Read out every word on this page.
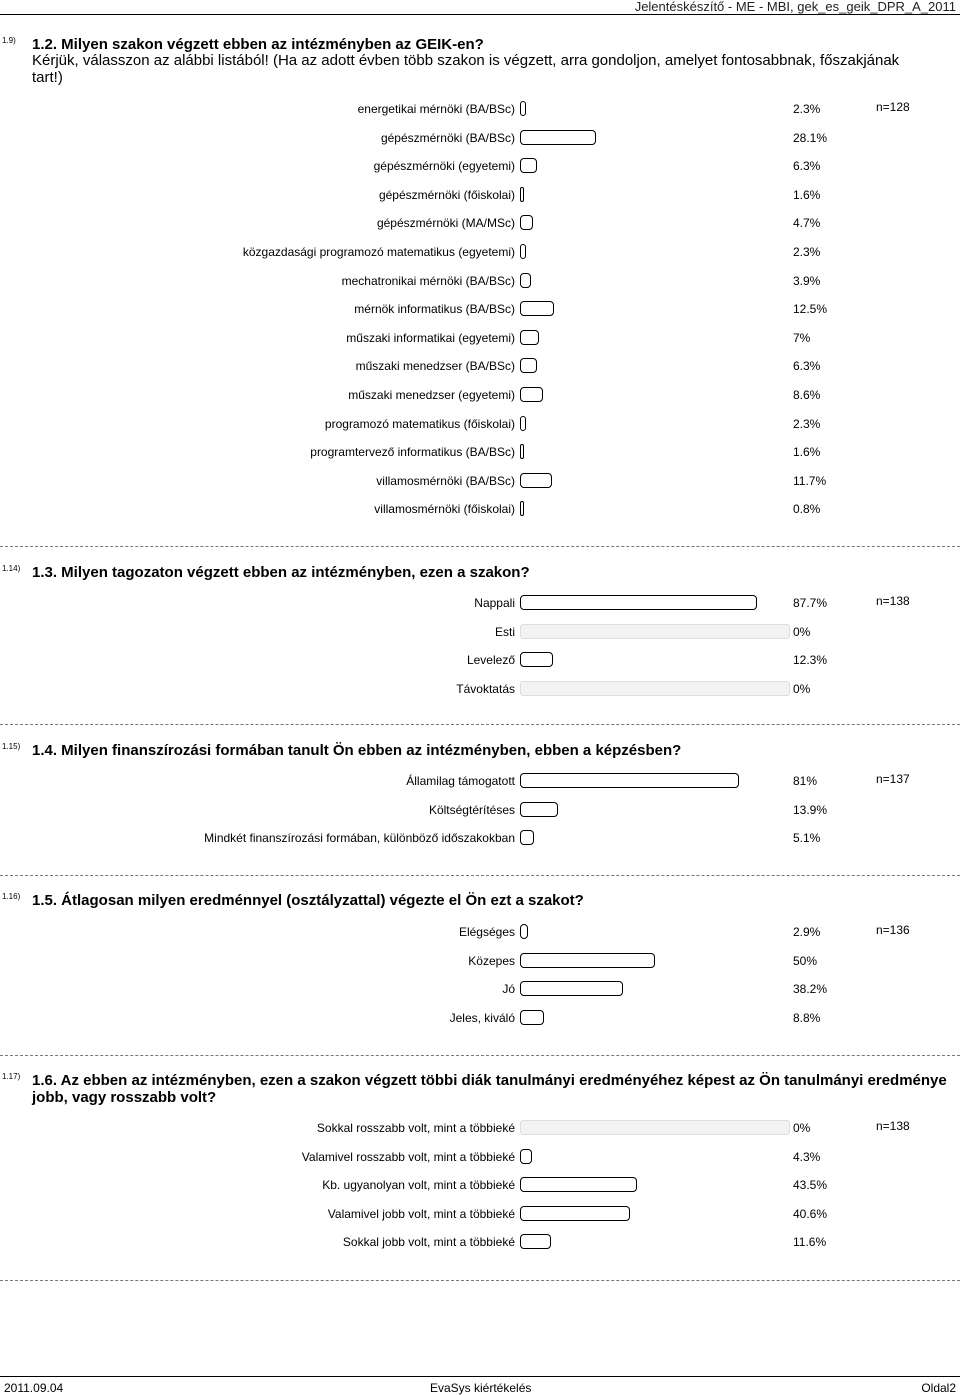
Jelentéskészítő - ME - MBI, gek_es_geik_DPR_A_2011
1.9) 1.2. Milyen szakon végzett ebben az intézményben az GEIK-en?
Kérjük, válasszon az alábbi listából! (Ha az adott évben több szakon is végzett, arra gondoljon, amelyet fontosabbnak, főszakjának tart!)
n=128
energetikai mérnöki (BA/BSc)	2.3%
gépészmérnöki (BA/BSc)	28.1%
gépészmérnöki (egyetemi)	6.3%
gépészmérnöki (főiskolai)	1.6%
gépészmérnöki (MA/MSc)	4.7%
közgazdasági programozó matematikus (egyetemi)	2.3%
mechatronikai mérnöki (BA/BSc)	3.9%
mérnök informatikus (BA/BSc)	12.5%
műszaki informatikai (egyetemi)	7%
műszaki menedzser (BA/BSc)	6.3%
műszaki menedzser (egyetemi)	8.6%
programozó matematikus (főiskolai)	2.3%
programtervező informatikus (BA/BSc)	1.6%
villamosmérnöki (BA/BSc)	11.7%
villamosmérnöki (főiskolai)	0.8%
1.14) 1.3. Milyen tagozaton végzett ebben az intézményben, ezen a szakon?
n=138
Nappali	87.7%
Esti	0%
Levelező	12.3%
Távoktatás	0%
1.15) 1.4. Milyen finanszírozási formában tanult Ön ebben az intézményben, ebben a képzésben?
n=137
Államilag támogatott	81%
Költségtérítéses	13.9%
Mindkét finanszírozási formában, különböző időszakokban	5.1%
1.16) 1.5. Átlagosan milyen eredménnyel (osztályzattal) végezte el Ön ezt a szakot?
n=136
Elégséges	2.9%
Közepes	50%
Jó	38.2%
Jeles, kiváló	8.8%
1.17) 1.6. Az ebben az intézményben, ezen a szakon végzett többi diák tanulmányi eredményéhez képest az Ön tanulmányi eredménye jobb, vagy rosszabb volt?
n=138
Sokkal rosszabb volt, mint a többieké	0%
Valamivel rosszabb volt, mint a többieké	4.3%
Kb. ugyanolyan volt, mint a többieké	43.5%
Valamivel jobb volt, mint a többieké	40.6%
Sokkal jobb volt, mint a többieké	11.6%
2011.09.04	EvaSys kiértékelés	Oldal2
